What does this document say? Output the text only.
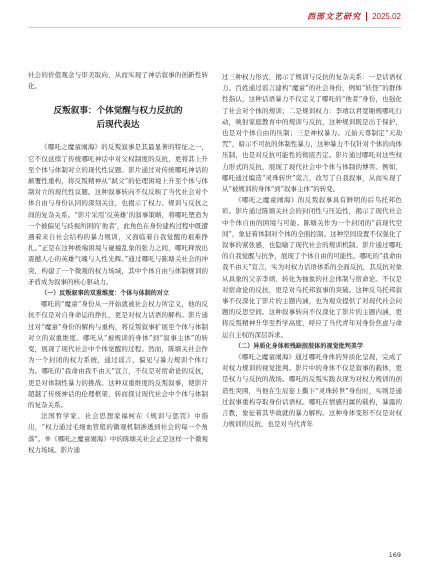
西部文艺研究 2025.02

社会的价值观念与审美取向，从而实现了神话叙事的创新性转化。

反叛叙事：个体觉醒与权力反抗的
后现代表达

《哪吒之魔童闹海》的反叛叙事是其最显著的特征之一，它不仅延续了传统哪吒神话中对父权制度的反抗，更将其上升至个体与体制对立的现代性议题。影片通过对传统哪吒神话的颠覆性重构，将反叛精神从“弑父”的伦理困境上升至个体与体制对立的现代性议题。这种叙事转向不仅反映了当代社会对个体自由与身份认同的深刻关注，也揭示了权力、规训与反抗之间的复杂关系。“影片采用‘反英雄’的叙事策略，将哪吒塑造为一个被偏见与歧视所困的‘他者’，此角色在身份建构过程中既遭遇着来自社会结构的暴力规训，又面临着自我觉醒的艰难挣扎。”正是在这种极端困境与碰撞乱象的张力之间，哪吒释放出震撼人心的英雄气魄与人性光辉。”通过哪吒与陈塘关社会的冲突，构建了一个微观的权力场域，其中个体自由与体制规训的矛盾成为叙事的核心驱动力。

（一）反叛叙事的双重维度：个体与体制的对立

哪吒的“魔童”身份从一开始就被社会权力所定义，他的反抗不仅是对自身命运的挣扎，更是对权力话语的解构。影片通过对“魔童”身份的解构与重构，将反叛叙事扩展至个体与体制对立的双重维度。哪吒从“被规训的身体”到“叙事主体”的转变，展现了现代社会中个体觉醒的过程。然而，陈塘关社会作为一个封闭的权力系统，通过谣言、偏见与暴力规训个体行为。哪吒的“我命由我不由天”宣言，不仅是对宿命论的反抗，更是对体制性暴力的挑战。这种双重维度的反叛叙事，使影片超越了传统神话的伦理框架，转而探讨现代社会中个体与体制的复杂关系。

法国哲学家、社会思想家福柯在《规训与惩罚》中指出，“权力通过毛细血管般的微观机制渗透到社会的每一个角落”。®《哪吒之魔童闹海》中的陈塘关社会正是这样一个微观权力场域。影片通

过三种权力形式，揭示了规训与反抗的复杂关系：一是话语权力。百姓通过谣言建构“魔童”的社会身份，例如“妖怪”的群体性指认，这种话语暴力不仅定义了哪吒的“他者”身份，也强化了社会对个体的规训；二是规训权力：李靖以君宽厢规哪吒行动，映射家庭教育中的规训与反抗，这种规训既是出于保护，也是对个体自由的压制；三是神权暴力。元始天尊制定“天劫咒”，暗示不可抗的体制性暴力，这种暴力不仅针对个体的肉体压制，也是对反抗可能性的彻底否定。影片通过哪吒对这些权力形式的反抗，展现了现代社会中个体与体制的博弈。例如，哪吒通过编造“灵珠转世”谎言，改写了自我叙事，从而实现了从“被规训的身体”到“叙事主体”的转变。

《哪吒之魔童闹海》的反叛叙事具有鲜明的后乌托邦色彩。影片通过陈塘关社会的封闭性与压迫性，揭示了现代社会中个体自由的困境与可能。陈塘关作为一个封闭的“前现代空间”，象征着体制对个体的全面控制。这种空间设置不仅强化了叙事的紧张感，也隐喻了现代社会的规训机制。影片通过哪吒的自我觉醒与抗争，展现了个体自由的可能性。哪吒的“我命由我不由天”宣言，实为对权力话语体系的全面反抗，其反抗对象从具象的父亲李靖、转化为抽象的社会体制与宿命论。不仅是对宿命论的反抗，更是对乌托邦叙事的突破。这种反乌托邦叙事不仅深化了影片的主题内涵，也为观众提供了对现代社会问题的反思空间。这种叙事转向不仅深化了影片的主题内涵，更将反叛精神升华至哲学高度，呼应了当代青年对身份焦虑与命运自主权的深层诉求。

（二）异质化身体和残缺肢肢体的视觉批判美学

《哪吒之魔童闹海》通过哪吒身体的异质化呈现，完成了对权力规训的视觉批判。影片中的身体不仅是叙事的载体，更是权力与反抗的战场。哪吒的反叛实践表现为对权力规训的创造性突围，当他在生辰宴上撕下“灵珠转世”身份时，实则是通过叙事重构夺取身份话语权。哪吒在情感归属的载构，暴露的言教，象征着其毕故就的暴力解构。这种身体变形不仅是对权力规训的反抗，也是对当代青年

169
